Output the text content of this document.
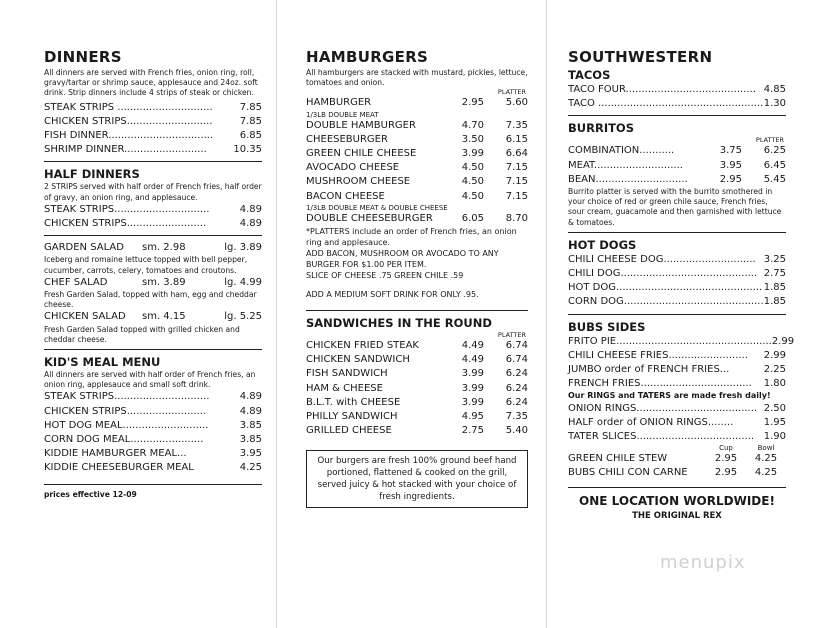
DINNERS
All dinners are served with French fries, onion ring, roll, gravy/tartar or shrimp sauce, applesauce and 24oz. soft drink. Strip dinners include 4 strips of steak or chicken.
STEAK STRIPS ..............................	7.85
CHICKEN STRIPS...........................	7.85
FISH DINNER.................................	6.85
SHRIMP DINNER..........................	10.35
HALF DINNERS
2 STRIPS served with half order of French fries, half order of gravy, an onion ring, and applesauce.
STEAK STRIPS..............................	4.89
CHICKEN STRIPS.........................	4.89
GARDEN SALAD	sm. 2.98	lg. 3.89
Iceberg and romaine lettuce topped with bell pepper, cucumber, carrots, celery, tomatoes and croutons.
CHEF SALAD	sm. 3.89	lg. 4.99
Fresh Garden Salad, topped with ham, egg and cheddar cheese.
CHICKEN SALAD	sm. 4.15	lg. 5.25
Fresh Garden Salad topped with grilled chicken and cheddar cheese.
KID'S MEAL MENU
All dinners are served with half order of French fries, an onion ring, applesauce and small soft drink.
STEAK STRIPS..............................	4.89
CHICKEN STRIPS.........................	4.89
HOT DOG MEAL...........................	3.85
CORN DOG MEAL.......................	3.85
KIDDIE HAMBURGER MEAL...	3.95
KIDDIE CHEESEBURGER MEAL	4.25
prices effective 12-09
HAMBURGERS
All hamburgers are stacked with mustard, pickles, lettuce, tomatoes and onion.
PLATTER
HAMBURGER	2.95	5.60
1/3LB DOUBLE MEAT
DOUBLE HAMBURGER	4.70	7.35
CHEESEBURGER	3.50	6.15
GREEN CHILE CHEESE	3.99	6.64
AVOCADO CHEESE	4.50	7.15
MUSHROOM CHEESE	4.50	7.15
BACON CHEESE	4.50	7.15
1/3LB DOUBLE MEAT & DOUBLE CHEESE
DOUBLE CHEESEBURGER	6.05	8.70
*PLATTERS include an order of French fries, an onion ring and applesauce.
ADD BACON, MUSHROOM OR AVOCADO TO ANY BURGER FOR $1.00 PER ITEM.
SLICE OF CHEESE .75 GREEN CHILE .59
ADD A MEDIUM SOFT DRINK FOR ONLY .95.
SANDWICHES IN THE ROUND
PLATTER
CHICKEN FRIED STEAK	4.49	6.74
CHICKEN SANDWICH	4.49	6.74
FISH SANDWICH	3.99	6.24
HAM & CHEESE	3.99	6.24
B.L.T. with CHEESE	3.99	6.24
PHILLY SANDWICH	4.95	7.35
GRILLED CHEESE	2.75	5.40
Our burgers are fresh 100% ground beef hand portioned, flattened & cooked on the grill, served juicy & hot stacked with your choice of fresh ingredients.
SOUTHWESTERN
TACOS
TACO FOUR......................................... 4.85
TACO .................................................... 1.30
BURRITOS
PLATTER
COMBINATION...........	3.75	6.25
MEAT............................	3.95	6.45
BEAN.............................	2.95	5.45
Burrito platter is served with the burrito smothered in your choice of red or green chile sauce, French fries, sour cream, guacamole and then garnished with lettuce & tomatoes.
HOT DOGS
CHILI CHEESE DOG............................. 3.25
CHILI DOG........................................... 2.75
HOT DOG.............................................. 1.85
CORN DOG............................................ 1.85
BUBS SIDES
FRITO PIE................................................. 2.99
CHILI CHEESE FRIES.........................	2.99
JUMBO order of FRENCH FRIES...	2.25
FRENCH FRIES...................................	1.80
Our RINGS and TATERS are made fresh daily!
ONION RINGS...................................... 2.50
HALF order of ONION RINGS........	1.95
TATER SLICES..................................... 1.90
Cup	Bowl
GREEN CHILE STEW	2.95	4.25
BUBS CHILI CON CARNE	2.95	4.25
ONE LOCATION WORLDWIDE!
THE ORIGINAL REX
menupix
